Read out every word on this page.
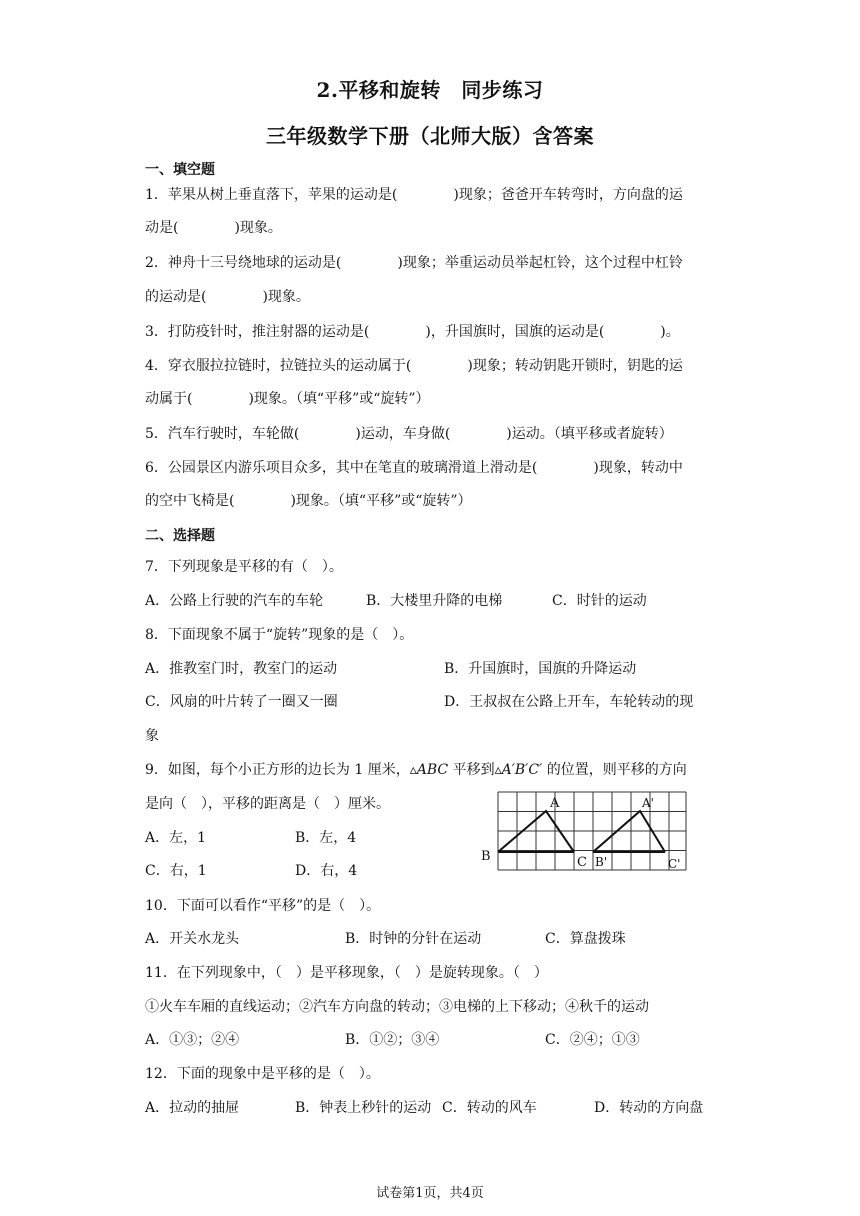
2.平移和旋转　同步练习
三年级数学下册（北师大版）含答案
一、填空题
1．苹果从树上垂直落下，苹果的运动是(　　　　)现象；爸爸开车转弯时，方向盘的运
动是(　　　　)现象。
2．神舟十三号绕地球的运动是(　　　　)现象；举重运动员举起杠铃，这个过程中杠铃
的运动是(　　　　)现象。
3．打防疫针时，推注射器的运动是(　　　　)，升国旗时，国旗的运动是(　　　　)。
4．穿衣服拉拉链时，拉链拉头的运动属于(　　　　)现象；转动钥匙开锁时，钥匙的运
动属于(　　　　)现象。（填“平移”或“旋转”）
5．汽车行驶时，车轮做(　　　　)运动，车身做(　　　　)运动。（填平移或者旋转）
6．公园景区内游乐项目众多，其中在笔直的玻璃滑道上滑动是(　　　　)现象，转动中
的空中飞椅是(　　　　)现象。（填“平移”或“旋转”）
二、选择题
7．下列现象是平移的有（　）。
A．公路上行驶的汽车的车轮	B．大楼里升降的电梯	C．时针的运动
8．下面现象不属于“旋转”现象的是（　）。
A．推教室门时，教室门的运动	B．升国旗时，国旗的升降运动
C．风扇的叶片转了一圈又一圈	D．王叔叔在公路上开车，车轮转动的现
象
9．如图，每个小正方形的边长为 1 厘米，▵ABC 平移到▵A′B′C′ 的位置，则平移的方向
是向（　），平移的距离是（　）厘米。
A．左，1	B．左，4
C．右，1	D．右，4
A
B	C
A'
B'	C'
10．下面可以看作“平移”的是（　）。
A．开关水龙头	B．时钟的分针在运动	C．算盘拨珠
11．在下列现象中，（　）是平移现象，（　）是旋转现象。（　）
①火车车厢的直线运动；②汽车方向盘的转动；③电梯的上下移动；④秋千的运动
A．①③；②④	B．①②；③④	C．②④；①③
12．下面的现象中是平移的是（　）。
A．拉动的抽屉	B．钟表上秒针的运动 C．转动的风车	D．转动的方向盘
试卷第1页，共4页
